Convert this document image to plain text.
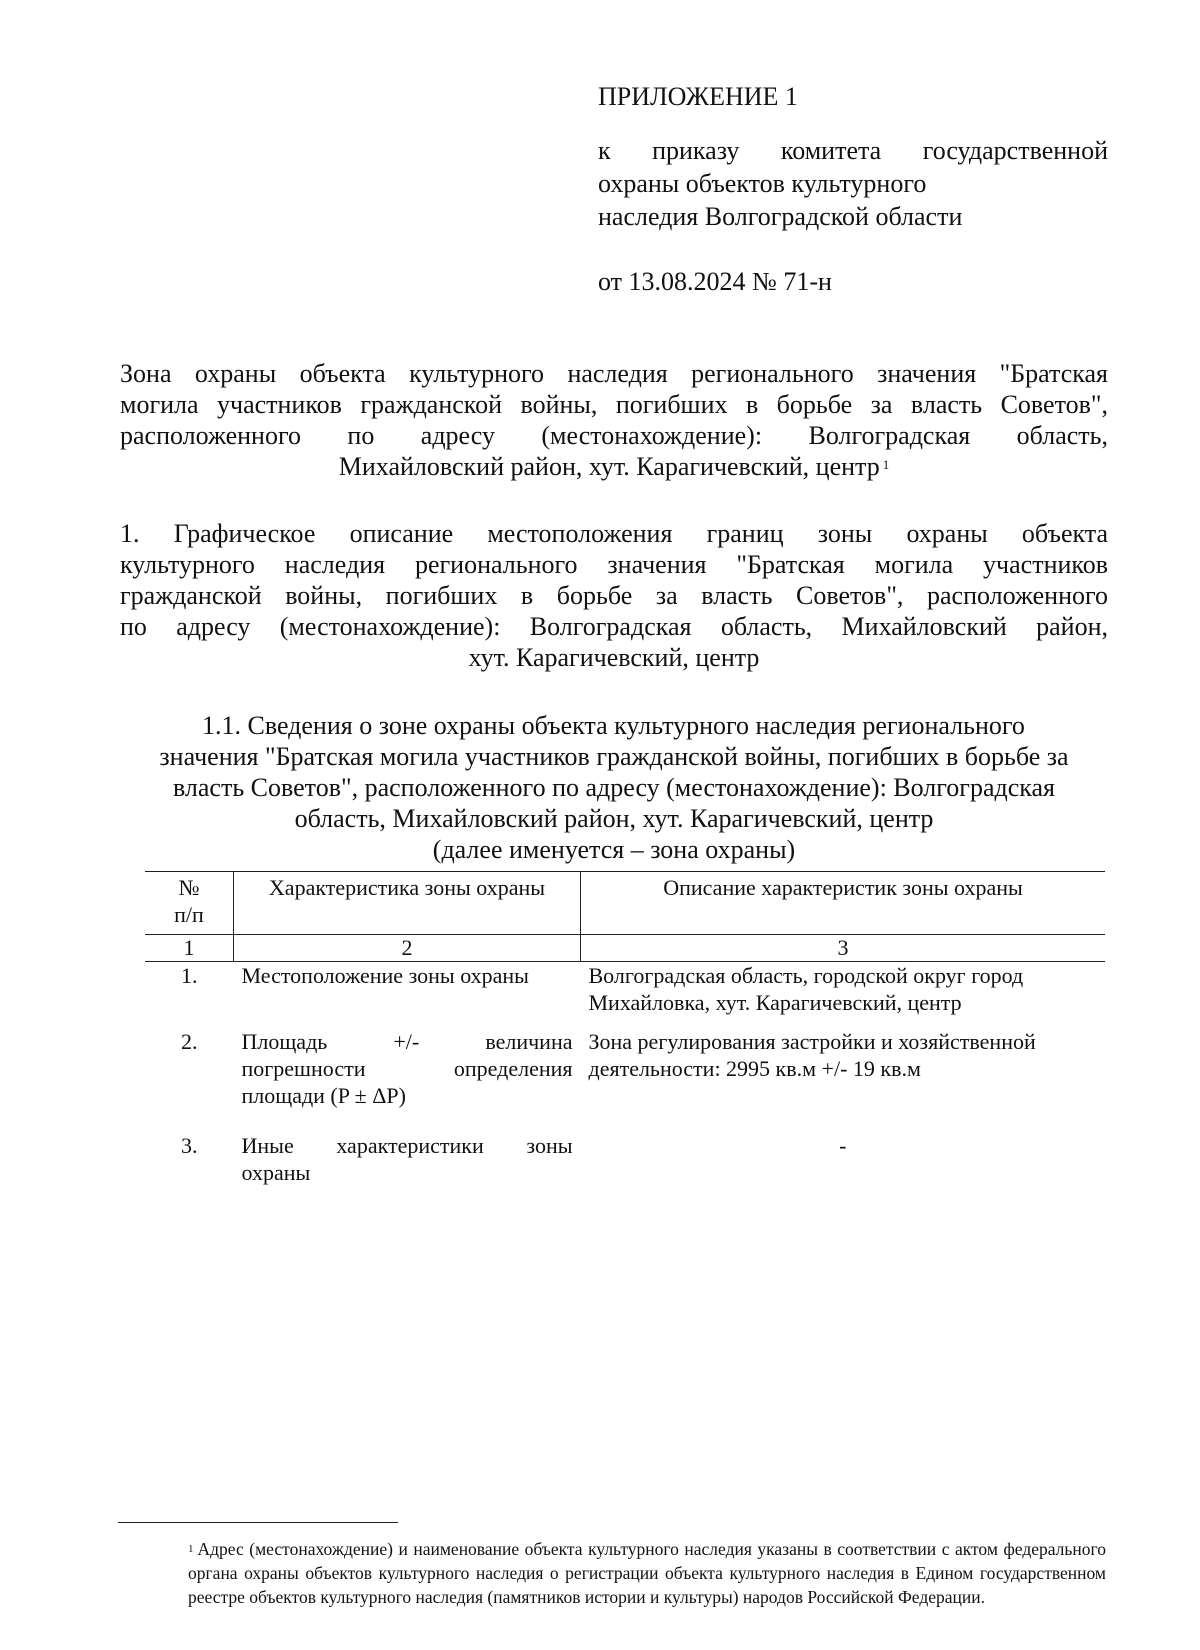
ПРИЛОЖЕНИЕ 1
к приказу комитета государственной
охраны объектов культурного
наследия Волгоградской области
от 13.08.2024 № 71-н
Зона охраны объекта культурного наследия регионального значения "Братская
могила участников гражданской войны, погибших в борьбе за власть Советов",
расположенного по адресу (местонахождение): Волгоградская область,
Михайловский район, хут. Карагичевский, центр $^1$
1. Графическое описание местоположения границ зоны охраны объекта
культурного наследия регионального значения "Братская могила участников
гражданской войны, погибших в борьбе за власть Советов", расположенного
по адресу (местонахождение): Волгоградская область, Михайловский район,
хут. Карагичевский, центр
1.1. Сведения о зоне охраны объекта культурного наследия регионального
значения "Братская могила участников гражданской войны, погибших в борьбе за
власть Советов", расположенного по адресу (местонахождение): Волгоградская
область, Михайловский район, хут. Карагичевский, центр
(далее именуется – зона охраны)
№
п/п	Характеристика зоны охраны	Описание характеристик зоны охраны
1	2	3
1.	Местоположение зоны охраны	Волгоградская область, городской округ город
Михайловка, хут. Карагичевский, центр

2.	Площадь +/- величина
погрешности определения
площади (P ± ΔP)	Зона регулирования застройки и хозяйственной
деятельности: 2995 кв.м +/- 19 кв.м

3.	Иные характеристики зоны
охраны	-
$^1$ Адрес (местонахождение) и наименование объекта культурного наследия указаны в соответствии с актом федерального органа охраны объектов культурного наследия о регистрации объекта культурного наследия в Едином государственном реестре объектов культурного наследия (памятников истории и культуры) народов Российской Федерации.
